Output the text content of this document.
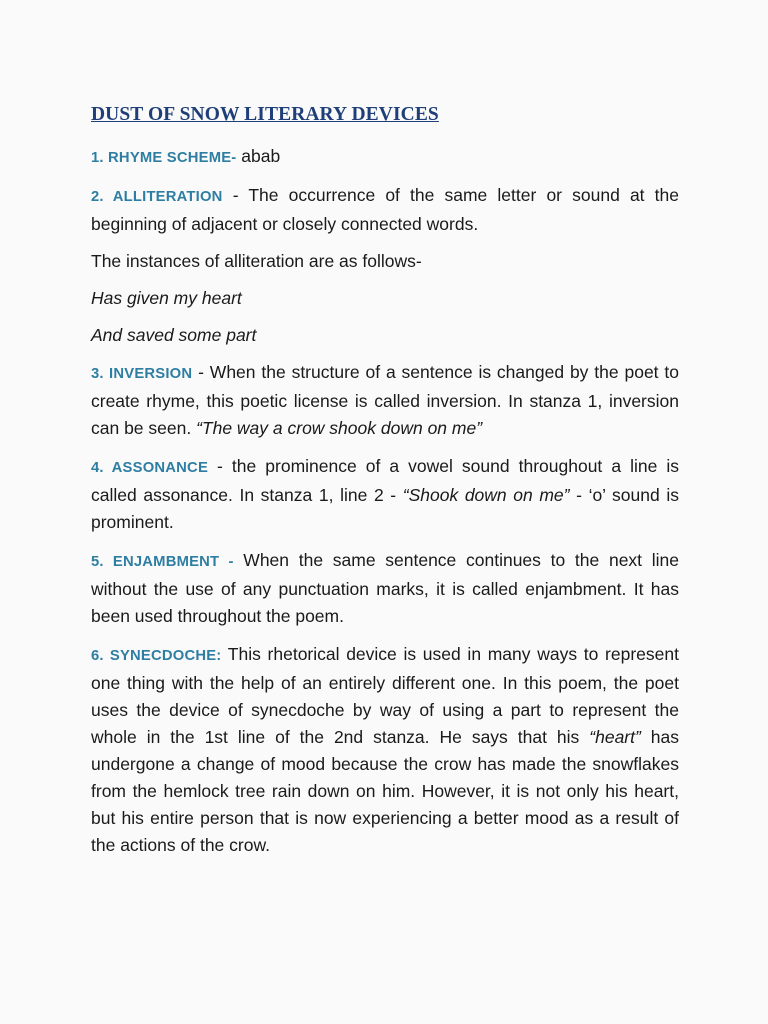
DUST OF SNOW LITERARY DEVICES

1. RHYME SCHEME- abab

2. ALLITERATION - The occurrence of the same letter or sound at the beginning of adjacent or closely connected words.

The instances of alliteration are as follows-

Has given my heart

And saved some part

3. INVERSION - When the structure of a sentence is changed by the poet to create rhyme, this poetic license is called inversion. In stanza 1, inversion can be seen. “The way a crow shook down on me”

4. ASSONANCE - the prominence of a vowel sound throughout a line is called assonance. In stanza 1, line 2 - “Shook down on me” - ‘o’ sound is prominent.

5. ENJAMBMENT - When the same sentence continues to the next line without the use of any punctuation marks, it is called enjambment. It has been used throughout the poem.

6. SYNECDOCHE: This rhetorical device is used in many ways to represent one thing with the help of an entirely different one. In this poem, the poet uses the device of synecdoche by way of using a part to represent the whole in the 1st line of the 2nd stanza. He says that his “heart” has undergone a change of mood because the crow has made the snowflakes from the hemlock tree rain down on him. However, it is not only his heart, but his entire person that is now experiencing a better mood as a result of the actions of the crow.
